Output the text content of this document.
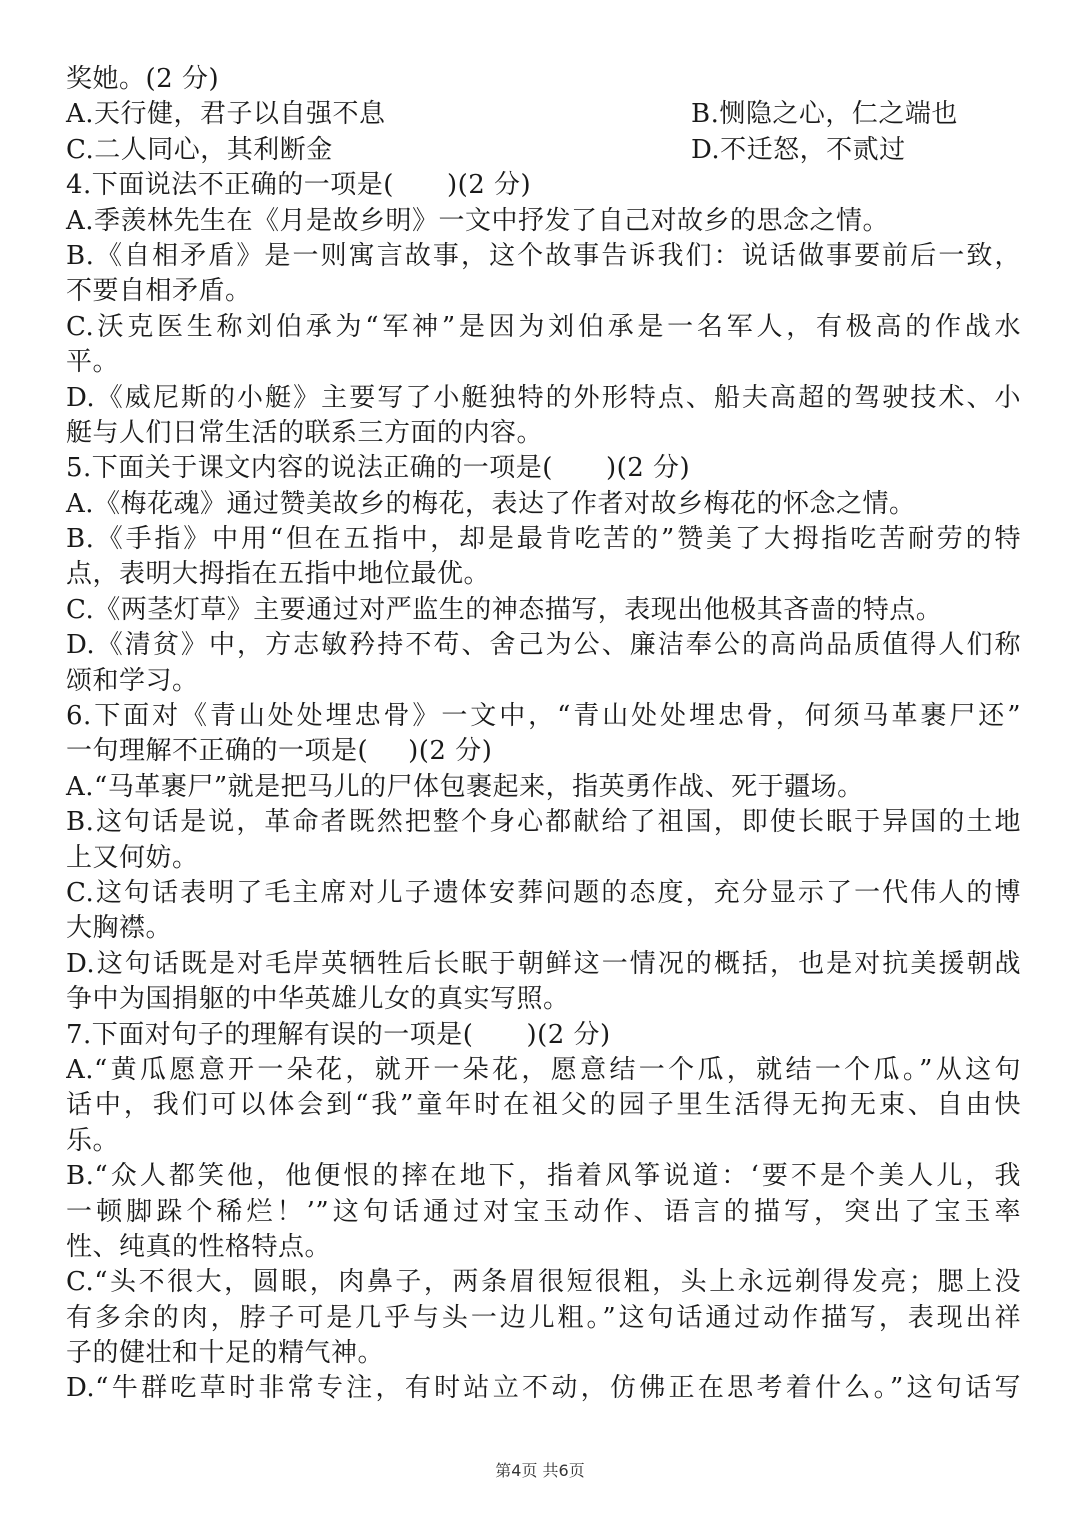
奖她。(2 分)
A.天行健，君子以自强不息	B.恻隐之心，仁之端也
C.二人同心，其利断金	D.不迁怒，不贰过
4.下面说法不正确的一项是(　　)(2 分)
A.季羡林先生在《月是故乡明》一文中抒发了自己对故乡的思念之情。
B.《自相矛盾》是一则寓言故事，这个故事告诉我们：说话做事要前后一致，
不要自相矛盾。
C.沃克医生称刘伯承为“军神”是因为刘伯承是一名军人，有极高的作战水
平。
D.《威尼斯的小艇》主要写了小艇独特的外形特点、船夫高超的驾驶技术、小
艇与人们日常生活的联系三方面的内容。
5.下面关于课文内容的说法正确的一项是(　　)(2 分)
A.《梅花魂》通过赞美故乡的梅花，表达了作者对故乡梅花的怀念之情。
B.《手指》中用“但在五指中，却是最肯吃苦的”赞美了大拇指吃苦耐劳的特
点，表明大拇指在五指中地位最优。
C.《两茎灯草》主要通过对严监生的神态描写，表现出他极其吝啬的特点。
D.《清贫》中，方志敏矜持不苟、舍己为公、廉洁奉公的高尚品质值得人们称
颂和学习。
6.下面对《青山处处埋忠骨》一文中，“青山处处埋忠骨，何须马革裹尸还”
一句理解不正确的一项是(　 )(2 分)
A.“马革裹尸”就是把马儿的尸体包裹起来，指英勇作战、死于疆场。
B.这句话是说，革命者既然把整个身心都献给了祖国，即使长眠于异国的土地
上又何妨。
C.这句话表明了毛主席对儿子遗体安葬问题的态度，充分显示了一代伟人的博
大胸襟。
D.这句话既是对毛岸英牺牲后长眠于朝鲜这一情况的概括，也是对抗美援朝战
争中为国捐躯的中华英雄儿女的真实写照。
7.下面对句子的理解有误的一项是(　　)(2 分)
A.“黄瓜愿意开一朵花，就开一朵花，愿意结一个瓜，就结一个瓜。”从这句
话中，我们可以体会到“我”童年时在祖父的园子里生活得无拘无束、自由快
乐。
B.“众人都笑他，他便恨的摔在地下，指着风筝说道：‘要不是个美人儿，我
一顿脚跺个稀烂！’”这句话通过对宝玉动作、语言的描写，突出了宝玉率
性、纯真的性格特点。
C.“头不很大，圆眼，肉鼻子，两条眉很短很粗，头上永远剃得发亮；腮上没
有多余的肉，脖子可是几乎与头一边儿粗。”这句话通过动作描写，表现出祥
子的健壮和十足的精气神。
D.“牛群吃草时非常专注，有时站立不动，仿佛正在思考着什么。”这句话写
第4页 共6页
